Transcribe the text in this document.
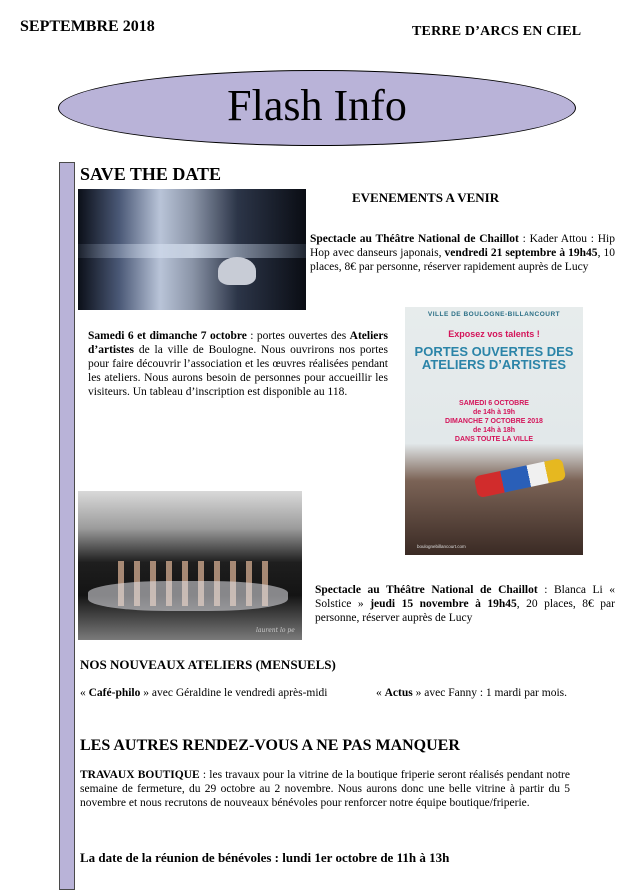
SEPTEMBRE 2018	TERRE D’ARCS EN CIEL
Flash Info
SAVE THE DATE
EVENEMENTS A VENIR
Spectacle au Théâtre National de Chaillot : Kader Attou : Hip Hop avec danseurs japonais, vendredi 21 septembre à 19h45, 10 places, 8€ par personne, réserver rapidement auprès de Lucy
Samedi 6 et dimanche 7 octobre : portes ouvertes des Ateliers d’artistes de la ville de Boulogne. Nous ouvrirons nos portes pour faire découvrir l’association et les œuvres réalisées pendant les ateliers. Nous aurons besoin de personnes pour accueillir les visiteurs. Un tableau d’inscription est disponible au 118.
VILLE DE BOULOGNE-BILLANCOURT
Exposez vos talents !
PORTES OUVERTES DES ATELIERS D’ARTISTES
SAMEDI 6 OCTOBRE
de 14h à 19h
DIMANCHE 7 OCTOBRE 2018
de 14h à 18h
DANS TOUTE LA VILLE
boulognebillancourt.com
laurent lo pe
Spectacle au Théâtre National de Chaillot : Blanca Li « Solstice » jeudi 15 novembre à 19h45, 20 places, 8€ par personne, réserver auprès de Lucy
NOS NOUVEAUX ATELIERS (MENSUELS)
« Café-philo » avec Géraldine le vendredi après-midi	« Actus » avec Fanny : 1 mardi par mois.
LES AUTRES RENDEZ-VOUS A NE PAS MANQUER
TRAVAUX BOUTIQUE : les travaux pour la vitrine de la boutique friperie seront réalisés pendant notre semaine de fermeture, du 29 octobre au 2 novembre. Nous aurons donc une belle vitrine à partir du 5 novembre et nous recrutons de nouveaux bénévoles pour renforcer notre équipe boutique/friperie.
La date de la réunion de bénévoles : lundi 1er octobre de 11h à 13h
